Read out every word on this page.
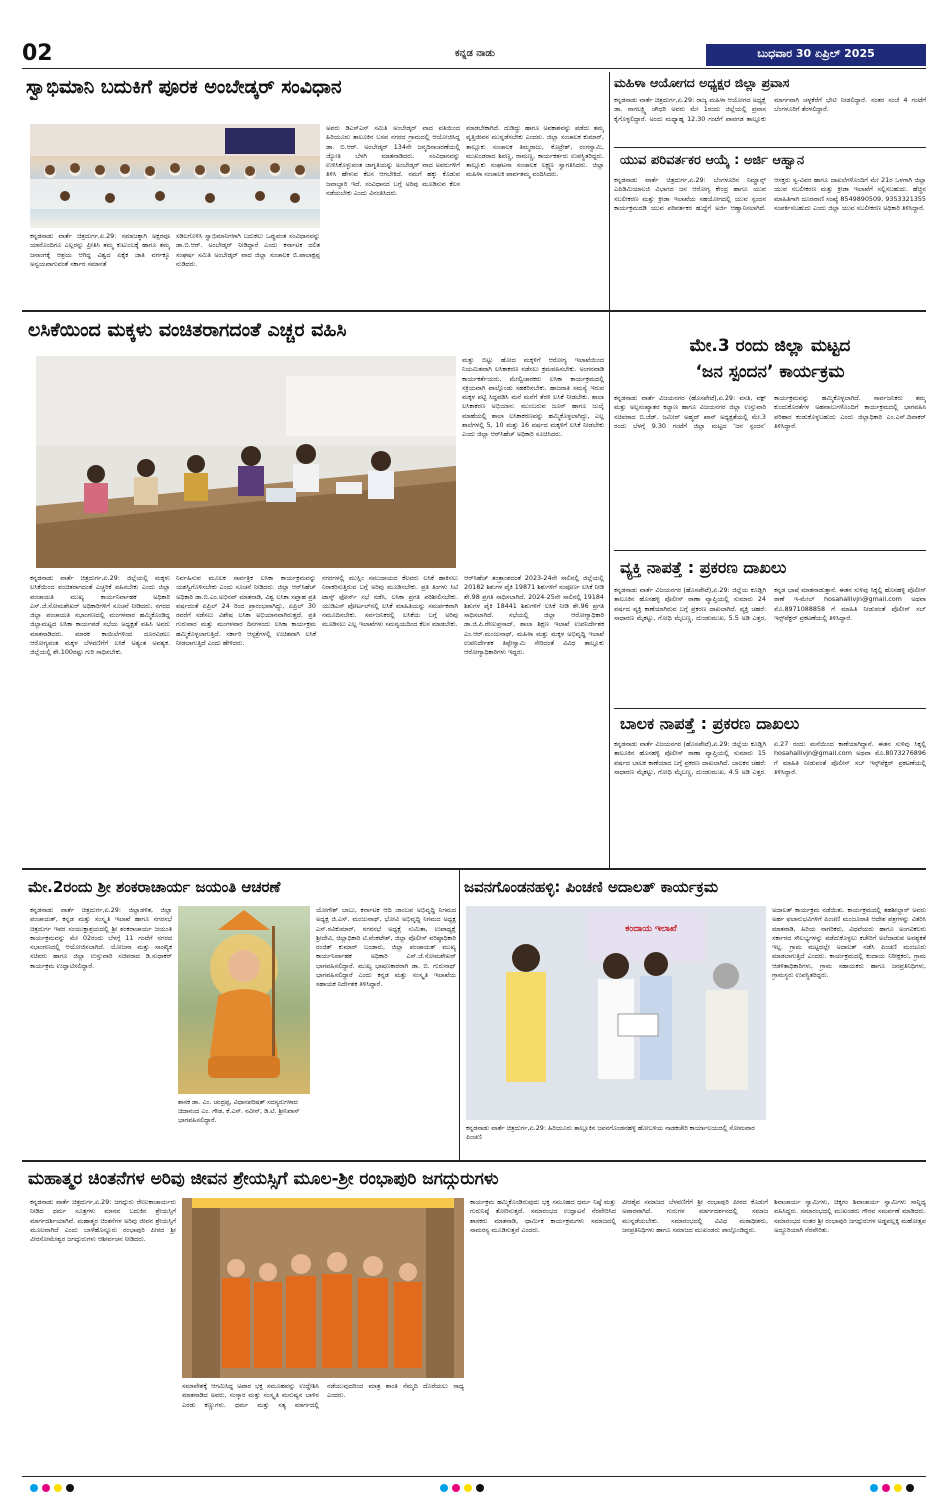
02	ಕನ್ನಡ ನಾಡು	ಬುಧವಾರ 30 ಏಪ್ರಿಲ್ 2025
ಸ್ವಾಭಿಮಾನಿ ಬದುಕಿಗೆ ಪೂರಕ ಅಂಬೇಡ್ಕರ್ ಸಂವಿಧಾನ
ಕನ್ನಡನಾಡು ವಾರ್ತೆ ಚಿತ್ರದುರ್ಗ,ಏ.29: ಸಮಾಜಕ್ಕಾಗಿ ಅಕ್ಷರವೂ ಯಾರೊಂದಿಗೂ ಎಲ್ಲರನ್ನು ಪ್ರೀತಿಸಿ ತಮ್ಮ ಕುಟುಂಬಕ್ಕೆ ಹಾಗೂ ತಮ್ಮ ಜನಾಂಗಕ್ಕೆ ಆಶ್ರಯ ಆಗಿದ್ದ ವಿಶ್ವದ ಏಕೈಕ ಜಾತಿ ವರ್ಗಕ್ಕೂ ಅನ್ವಯವಾಗುವಂತೆ ಸರ್ಕಾರ ಸಮಾನತೆ
ಸಡಿಲಗೊಳಿಸಿ ಸ್ವಾಭಿಮಾನಿಗಳಾಗಿ ಬದುಕಲು ಒಪ್ಪುವಂತ ಸಂವಿಧಾನವನ್ನು ಡಾ.ಬಿ.ಆರ್. ಅಂಬೇಡ್ಕರ್ ನೀಡಿದ್ದಾರೆ ಎಂದು ಕರ್ನಾಟಕ ದಲಿತ ಸಂಘರ್ಷ ಸಮಿತಿ ಅಂಬೇಡ್ಕರ್ ವಾದ ಜಿಲ್ಲಾ ಸಂಚಾಲಕ ಬಿ.ಪಾಲಾಕ್ಷಪ್ಪ ನುಡಿದರು.
ಅವರು ಡಿಎಸ್‌ಎಸ್ ಸಮಿತಿ ಅಂಬೇಡ್ಕರ್ ವಾದ ವತಿಯಿಂದ ಹಿರಿಯೂರು ತಾಲೂಕಿನ ಬಸವ ನಗರದ ಗ್ರಾಮದಲ್ಲಿ ಆಯೋಜಿಸಿದ್ದ ಡಾ. ಬಿ.ಆರ್. ಅಂಬೇಡ್ಕರ್ 134ನೇ ಜನ್ಮದಿನಾಚರಣೆಯಲ್ಲಿ ಜ್ಯೋತಿ ಬೆಳಗಿ ಮಾತನಾಡಿದರು. ಸಂವಿಧಾನವನ್ನು ಉಳಿಸಿಕೊಳ್ಳುವಂತ ಜಾಗೃತಿಯನ್ನು ಅಂಬೇಡ್ಕರ್ ವಾದ ಅವರುಗಳಿಗೆ ತಿಳಿಸಿ ಹೇಳುವ ಕೆಲಸ ಆಗಬೇಕಿದೆ. ನಮಗೆ ಹಕ್ಕು ಕೊಡುವ ಜವಾಬ್ದಾರಿ ಇದೆ. ಸಂವಿಧಾನದ ಬಗ್ಗೆ ಅರಿವು ಮೂಡಿಸುವ ಕೆಲಸ ನಡೆಯಬೇಕು ಎಂದು ವಿನಂತಿಸಿದರು.
ಮಾಡಬೇಕಾಗಿದೆ. ದುಡಿದ್ದು ಹಾಗೂ ಅವಕಾಶವನ್ನು ಪಡೆದು ತಮ್ಮ ವೃತ್ತಿಜೀವನ ಮುನ್ನಡೆಸಬೇಕು ಎಂದರು. ಜಿಲ್ಲಾ ಸಂಚಾಲಕ ಕುಮಾರ್, ತಾಲ್ಲೂಕು ಸಂಚಾಲಕ ತಿಮ್ಮರಾಜು, ಕೊಟ್ರೇಶ್, ರಂಗಸ್ವಾಮಿ, ಮುಖಂಡರಾದ ಶಿವಣ್ಣ, ರಾಮಣ್ಣ, ಕಾರ್ಯಕರ್ತರು ಉಪಸ್ಥಿತರಿದ್ದರು. ತಾಲ್ಲೂಕು ಸಂಘಟನಾ ಸಂಚಾಲಕ ಲಕ್ಷ್ಮಣ ಸ್ವಾಗತಿಸಿದರು. ಜಿಲ್ಲಾ ಮಹಿಳಾ ಸಂಚಾಲಕಿ ಪಾರ್ವತಮ್ಮ ವಂದಿಸಿದರು.
ಮಹಿಳಾ ಆಯೋಗದ ಅಧ್ಯಕ್ಷರ ಜಿಲ್ಲಾ ಪ್ರವಾಸ
ಕನ್ನಡನಾಡು ವಾರ್ತೆ ಚಿತ್ರದುರ್ಗ,ಏ.29: ರಾಜ್ಯ ಮಹಿಳಾ ಆಯೋಗದ ಅಧ್ಯಕ್ಷೆ ಡಾ. ನಾಗಲಕ್ಷ್ಮಿ ಚೌಧರಿ ಅವರು ಮೇ 1ರಂದು ಜಿಲ್ಲೆಯಲ್ಲಿ ಪ್ರವಾಸ ಕೈಗೊಳ್ಳಲಿದ್ದಾರೆ. ಅಂದು ಮಧ್ಯಾಹ್ನ 12.30 ಗಂಟೆಗೆ ಪಾವಗಡ ತಾಲ್ಲೂಕು ಮಾರ್ಗವಾಗಿ ಚಳ್ಳಕೆರೆಗೆ ಭೇಟಿ ನೀಡಲಿದ್ದಾರೆ. ನಂತರ ಸಂಜೆ 4 ಗಂಟೆಗೆ ಬೆಂಗಳೂರಿಗೆ ತೆರಳಲಿದ್ದಾರೆ.
ಯುವ ಪರಿವರ್ತಕರ ಆಯ್ಕೆ : ಅರ್ಜಿ ಆಹ್ವಾನ
ಕನ್ನಡನಾಡು ವಾರ್ತೆ ಚಿತ್ರದುರ್ಗ,ಏ.29: ಬೆಂಗಳೂರಿನ ನಿಮ್ಹಾನ್ಸ್ ಎಪಿಡಿಮಿಯಾಲಜಿ ವಿಭಾಗದ ಜನ ಆರೋಗ್ಯ ಕೇಂದ್ರ ಹಾಗೂ ಯುವ ಸಬಲೀಕರಣ ಮತ್ತು ಕ್ರೀಡಾ ಇಲಾಖೆಯ ಸಹಯೋಗದಲ್ಲಿ ಯುವ ಸ್ಪಂದನ ಕಾರ್ಯಕ್ರಮದಡಿ ಯುವ ಪರಿವರ್ತಕರ ಹುದ್ದೆಗೆ ಅರ್ಜಿ ಆಹ್ವಾನಿಸಲಾಗಿದೆ. ಆಸಕ್ತರು ಸ್ವ-ವಿವರ ಹಾಗೂ ದಾಖಲೆಗಳೊಂದಿಗೆ ಮೇ 21ರ ಒಳಗಾಗಿ ಜಿಲ್ಲಾ ಯುವ ಸಬಲೀಕರಣ ಮತ್ತು ಕ್ರೀಡಾ ಇಲಾಖೆಗೆ ಸಲ್ಲಿಸಬಹುದು. ಹೆಚ್ಚಿನ ಮಾಹಿತಿಗಾಗಿ ದೂರವಾಣಿ ಸಂಖ್ಯೆ 8549890509, 9353321355 ಸಂಪರ್ಕಿಸಬಹುದು ಎಂದು ಜಿಲ್ಲಾ ಯುವ ಸಬಲೀಕರಣ ಅಧಿಕಾರಿ ತಿಳಿಸಿದ್ದಾರೆ.
ಲಸಿಕೆಯಿಂದ ಮಕ್ಕಳು ವಂಚಿತರಾಗದಂತೆ ಎಚ್ಚರ ವಹಿಸಿ
ಮತ್ತು ಬಿಟ್ಟು ಹೋದ ಮಕ್ಕಳಿಗೆ ಆರೋಗ್ಯ ಇಲಾಖೆಯಿಂದ ನಿಯಮಿತವಾಗಿ ಲಸಿಕಾಕರಣ ನಡೆಸಲು ಕ್ರಮವಹಿಸಬೇಕು. ಅಂಗನವಾಡಿ ಕಾರ್ಯಕರ್ತೆಯರು, ಮೇಲ್ವಿಚಾರಕರು ಲಸಿಕಾ ಕಾರ್ಯಕ್ರಮದಲ್ಲಿ ಸಕ್ರಿಯವಾಗಿ ಪಾಲ್ಗೊಂಡು ಸಹಕರಿಸಬೇಕು. ಹಾಜರಾತಿ ಸಮಸ್ಯೆ ಇರುವ ಮಕ್ಕಳ ಪಟ್ಟಿ ಸಿದ್ಧಪಡಿಸಿ ಮನೆ ಮನೆಗೆ ತೆರಳಿ ಲಸಿಕೆ ನೀಡಬೇಕು. ಶಾಲಾ ಲಸಿಕಾಕರಣ ಅಭಿಯಾನ: ಮುಂಬರುವ ಜೂನ್ ಹಾಗೂ ಜುಲೈ ಮಾಹೆಯಲ್ಲಿ ಶಾಲಾ ಲಸಿಕಾಕರಣವನ್ನು ಹಮ್ಮಿಕೊಳ್ಳಲಾಗಿದ್ದು, ಎಲ್ಲ ಶಾಲೆಗಳಲ್ಲಿ 5, 10 ಮತ್ತು 16 ವರ್ಷದ ಮಕ್ಕಳಿಗೆ ಲಸಿಕೆ ನೀಡಬೇಕು ಎಂದು ಜಿಲ್ಲಾ ಆರ್‌ಸಿಹೆಚ್ ಅಧಿಕಾರಿ ಸೂಚಿಸಿದರು.
ಕನ್ನಡನಾಡು ವಾರ್ತೆ ಚಿತ್ರದುರ್ಗ,ಏ.29: ಜಿಲ್ಲೆಯಲ್ಲಿ ಮಕ್ಕಳು ಲಸಿಕೆಯಿಂದ ವಂಚಿತರಾಗದಂತೆ ಎಚ್ಚರಿಕೆ ವಹಿಸಬೇಕು ಎಂದು ಜಿಲ್ಲಾ ಪಂಚಾಯತಿ ಮುಖ್ಯ ಕಾರ್ಯನಿರ್ವಾಹಕ ಅಧಿಕಾರಿ ಎಸ್.ಜೆ.ಸೋಮಶೇಖರ್ ಅಧಿಕಾರಿಗಳಿಗೆ ಸೂಚನೆ ನೀಡಿದರು. ನಗರದ ಜಿಲ್ಲಾ ಪಂಚಾಯತಿ ಸಭಾಂಗಣದಲ್ಲಿ ಮಂಗಳವಾರ ಹಮ್ಮಿಕೊಂಡಿದ್ದ ಜಿಲ್ಲಾಮಟ್ಟದ ಲಸಿಕಾ ಕಾರ್ಯಪಡೆ ಸಭೆಯ ಅಧ್ಯಕ್ಷತೆ ವಹಿಸಿ ಅವರು ಮಾತನಾಡಿದರು. ಮಾರಕ ಕಾಯಿಲೆಗಳಿಂದ ದೂರವಿಡಲು ಆರೋಗ್ಯವಂತ ಮಕ್ಕಳ ಬೆಳವಣಿಗೆಗೆ ಲಸಿಕೆ ಅತ್ಯಂತ ಅವಶ್ಯಕ. ಜಿಲ್ಲೆಯಲ್ಲಿ ಶೇ.100ರಷ್ಟು ಗುರಿ ಸಾಧಿಸಬೇಕು.
ನಿರ್ವಹಿಸುವ ಮೂಲಕ ಸಾರ್ವತ್ರಿಕ ಲಸಿಕಾ ಕಾರ್ಯಕ್ರಮವನ್ನು ಯಶಸ್ವಿಗೊಳಿಸಬೇಕು ಎಂದು ಸೂಚನೆ ನೀಡಿದರು. ಜಿಲ್ಲಾ ಆರ್‌ಸಿಹೆಚ್ ಅಧಿಕಾರಿ ಡಾ.ಬಿ.ಎಂ.ಅಭಿನವ್ ಮಾತನಾಡಿ, ವಿಶ್ವ ಲಸಿಕಾ ಸಪ್ತಾಹ ಪ್ರತಿ ವರ್ಷದಂತೆ ಏಪ್ರಿಲ್ 24 ರಿಂದ ಪ್ರಾರಂಭವಾಗಿದ್ದು, ಏಪ್ರಿಲ್ 30 ರವರೆಗೆ ನಡೆಸಲು ವಿಶೇಷ ಲಸಿಕಾ ಅಭಿಯಾನವಾಗಿರುತ್ತದೆ. ಪ್ರತಿ ಗುರುವಾರ ಮತ್ತು ಮಂಗಳವಾರ ದಿನಗಳಂದು ಲಸಿಕಾ ಕಾರ್ಯಕ್ರಮ ಹಮ್ಮಿಕೊಳ್ಳಲಾಗುತ್ತಿದೆ. ಸರ್ಕಾರಿ ಆಸ್ಪತ್ರೆಗಳಲ್ಲಿ ಉಚಿತವಾಗಿ ಲಸಿಕೆ ನೀಡಲಾಗುತ್ತಿದೆ ಎಂದು ಹೇಳಿದರು.
ನಗರಗಳಲ್ಲಿ ಮುಸ್ಲಿಂ ಸಮುದಾಯದ ಕೆಲವರು ಲಸಿಕೆ ಹಾಕಿಸಲು ನಿರಾಕರಿಸುತ್ತಿರುವ ಬಗ್ಗೆ ಅರಿವು ಮೂಡಿಸಬೇಕು. ಪ್ರತಿ ತಿಂಗಳು ಸಿಟಿ ಟಾಸ್ಕ್ ಫೋರ್ಸ್ ಸಭೆ ನಡೆಸಿ, ಲಸಿಕಾ ಪ್ರಗತಿ ಪರಿಶೀಲಿಸಬೇಕು. ಯುಡಿಎನ್ ಪೋರ್ಟಲ್‌ನಲ್ಲಿ ಲಸಿಕೆ ಮಾಹಿತಿಯನ್ನು ಸಮರ್ಪಕವಾಗಿ ನಮೂದಿಸಬೇಕು. ಸರ್ವಜನಿಕರಲ್ಲಿ ಲಸಿಕೆಯ ಬಗ್ಗೆ ಅರಿವು ಮೂಡಿಸಲು ಎಲ್ಲ ಇಲಾಖೆಗಳು ಸಮನ್ವಯದಿಂದ ಕೆಲಸ ಮಾಡಬೇಕು.
ಆರ್‌ಸಿಹೆಚ್ ತಂತ್ರಾಂಶದಂತೆ 2023-24ನೇ ಸಾಲಿನಲ್ಲಿ ಜಿಲ್ಲೆಯಲ್ಲಿ 20182 ಶಿಶುಗಳ ಪೈಕಿ 19871 ಶಿಶುಗಳಿಗೆ ಸಂಪೂರ್ಣ ಲಸಿಕೆ ನೀಡಿ ಶೇ.98 ಪ್ರಗತಿ ಸಾಧಿಸಲಾಗಿದೆ. 2024-25ನೇ ಸಾಲಿನಲ್ಲಿ 19184 ಶಿಶುಗಳ ಪೈಕಿ 18441 ಶಿಶುಗಳಿಗೆ ಲಸಿಕೆ ನೀಡಿ ಶೇ.96 ಪ್ರಗತಿ ಸಾಧಿಸಲಾಗಿದೆ. ಸಭೆಯಲ್ಲಿ ಜಿಲ್ಲಾ ಆರೋಗ್ಯಾಧಿಕಾರಿ ಡಾ.ಜಿ.ಪಿ.ರೇಣುಪ್ರಸಾದ್, ಶಾಲಾ ಶಿಕ್ಷಣ ಇಲಾಖೆ ಉಪನಿರ್ದೇಶಕ ಎಂ.ಆರ್.ಮಂಜುನಾಥ್, ಮಹಿಳಾ ಮತ್ತು ಮಕ್ಕಳ ಅಭಿವೃದ್ಧಿ ಇಲಾಖೆ ಉಪನಿರ್ದೇಶಕ ತಿಪ್ಪೇಸ್ವಾಮಿ ಸೇರಿದಂತೆ ವಿವಿಧ ತಾಲ್ಲೂಕು ಆರೋಗ್ಯಾಧಿಕಾರಿಗಳು ಇದ್ದರು.
ಮೇ.3 ರಂದು ಜಿಲ್ಲಾ ಮಟ್ಟದ
‘ಜನ ಸ್ಪಂದನ’ ಕಾರ್ಯಕ್ರಮ
ಕನ್ನಡನಾಡು ವಾರ್ತೆ ವಿಜಯನಗರ (ಹೊಸಪೇಟೆ),ಏ.29: ವಸತಿ, ವಕ್ಫ್ ಮತ್ತು ಅಲ್ಪಸಂಖ್ಯಾತರ ಕಲ್ಯಾಣ ಹಾಗೂ ವಿಜಯನಗರ ಜಿಲ್ಲಾ ಉಸ್ತುವಾರಿ ಸಚಿವರಾದ ಬಿ.ಜೆಡ್. ಜಮೀರ್ ಅಹ್ಮದ್ ಖಾನ್ ಅಧ್ಯಕ್ಷತೆಯಲ್ಲಿ ಮೇ.3 ರಂದು ಬೆಳಗ್ಗೆ 9.30 ಗಂಟೆಗೆ ಜಿಲ್ಲಾ ಮಟ್ಟದ ‘ಜನ ಸ್ಪಂದನ’ ಕಾರ್ಯಕ್ರಮವನ್ನು ಹಮ್ಮಿಕೊಳ್ಳಲಾಗಿದೆ. ಸಾರ್ವಜನಿಕರು ತಮ್ಮ ಕುಂದುಕೊರತೆಗಳ ಅಹವಾಲುಗಳೊಂದಿಗೆ ಕಾರ್ಯಕ್ರಮದಲ್ಲಿ ಭಾಗವಹಿಸಿ ಪರಿಹಾರ ಕಂಡುಕೊಳ್ಳಬಹುದು ಎಂದು ಜಿಲ್ಲಾಧಿಕಾರಿ ಎಂ.ಎಸ್.ದಿವಾಕರ್ ತಿಳಿಸಿದ್ದಾರೆ.
ವ್ಯಕ್ತಿ ನಾಪತ್ತೆ : ಪ್ರಕರಣ ದಾಖಲು
ಕನ್ನಡನಾಡು ವಾರ್ತೆ ವಿಜಯನಗರ (ಹೊಸಪೇಟೆ),ಏ.29: ಜಿಲ್ಲೆಯ ಕೂಡ್ಲಿಗಿ ತಾಲೂಕಿನ ಹೊಸಹಳ್ಳಿ ಪೊಲೀಸ್ ಠಾಣಾ ವ್ಯಾಪ್ತಿಯಲ್ಲಿ ಸುಮಾರು 24 ವರ್ಷದ ವ್ಯಕ್ತಿ ಕಾಣೆಯಾಗಿರುವ ಬಗ್ಗೆ ಪ್ರಕರಣ ದಾಖಲಾಗಿದೆ. ವ್ಯಕ್ತಿ ಚಹರೆ: ಸಾಧಾರಣ ಮೈಕಟ್ಟು, ಗೋಧಿ ಮೈಬಣ್ಣ, ದುಂಡುಮುಖ, 5.5 ಅಡಿ ಎತ್ತರ, ಕನ್ನಡ ಭಾಷೆ ಮಾತನಾಡುತ್ತಾನೆ. ಈತನ ಸುಳಿವು ಸಿಕ್ಕಲ್ಲಿ ಹೊಸಹಳ್ಳಿ ಪೊಲೀಸ್ ಠಾಣೆ ಇ-ಮೇಲ್ hosahallivjn@gmail.com ಅಥವಾ ಮೊ.8971088858 ಗೆ ಮಾಹಿತಿ ನೀಡುವಂತೆ ಪೊಲೀಸ್ ಸಬ್ ಇನ್ಸ್‌ಪೆಕ್ಟರ್ ಪ್ರಕಟಣೆಯಲ್ಲಿ ತಿಳಿಸಿದ್ದಾರೆ.
ಬಾಲಕ ನಾಪತ್ತೆ : ಪ್ರಕರಣ ದಾಖಲು
ಕನ್ನಡನಾಡು ವಾರ್ತೆ ವಿಜಯನಗರ (ಹೊಸಪೇಟೆ),ಏ.29: ಜಿಲ್ಲೆಯ ಕೂಡ್ಲಿಗಿ ತಾಲೂಕಿನ ಹೊಸಹಳ್ಳಿ ಪೊಲೀಸ್ ಠಾಣಾ ವ್ಯಾಪ್ತಿಯಲ್ಲಿ ಸುಮಾರು 15 ವರ್ಷದ ಬಾಲಕ ಕಾಣೆಯಾದ ಬಗ್ಗೆ ಪ್ರಕರಣ ದಾಖಲಾಗಿದೆ. ಬಾಲಕನ ಚಹರೆ: ಸಾಧಾರಣ ಮೈಕಟ್ಟು, ಗೋಧಿ ಮೈಬಣ್ಣ, ದುಂಡುಮುಖ, 4.5 ಅಡಿ ಎತ್ತರ. ಏ.27 ರಂದು ಮನೆಯಿಂದ ಕಾಣೆಯಾಗಿದ್ದಾನೆ. ಈತನ ಸುಳಿವು ಸಿಕ್ಕಲ್ಲಿ hosahallivjn@gmail.com ಅಥವಾ ಮೊ.8073276896 ಗೆ ಮಾಹಿತಿ ನೀಡುವಂತೆ ಪೊಲೀಸ್ ಸಬ್ ಇನ್ಸ್‌ಪೆಕ್ಟರ್ ಪ್ರಕಟಣೆಯಲ್ಲಿ ತಿಳಿಸಿದ್ದಾರೆ.
ಮೇ.2ರಂದು ಶ್ರೀ ಶಂಕರಾಚಾರ್ಯ ಜಯಂತಿ ಆಚರಣೆ
ಕನ್ನಡನಾಡು ವಾರ್ತೆ ಚಿತ್ರದುರ್ಗ,ಏ.29: ಜಿಲ್ಲಾಡಳಿತ, ಜಿಲ್ಲಾ ಪಂಚಾಯತ್, ಕನ್ನಡ ಮತ್ತು ಸಂಸ್ಕೃತಿ ಇಲಾಖೆ ಹಾಗೂ ನಗರಸಭೆ ಚಿತ್ರದುರ್ಗ ಇವರ ಸಂಯುಕ್ತಾಶ್ರಯದಲ್ಲಿ ಶ್ರೀ ಶಂಕರಾಚಾರ್ಯ ಜಯಂತಿ ಕಾರ್ಯಕ್ರಮವನ್ನು ಮೇ 02ರಂದು ಬೆಳಗ್ಗೆ 11 ಗಂಟೆಗೆ ನಗರದ ಸಭಾಂಗಣದಲ್ಲಿ ಆಯೋಜಿಸಲಾಗಿದೆ. ಯೋಜನಾ ಮತ್ತು ಸಾಂಖ್ಯಿಕ ಸಚಿವರು ಹಾಗೂ ಜಿಲ್ಲಾ ಉಸ್ತುವಾರಿ ಸಚಿವರಾದ ಡಿ.ಸುಧಾಕರ್ ಕಾರ್ಯಕ್ರಮ ಉದ್ಘಾಟಿಸಲಿದ್ದಾರೆ.
ಶಾಸಕ ಡಾ. ಎಂ. ಚಂದ್ರಪ್ಪ, ವಿಧಾನಪರಿಷತ್ ಸದಸ್ಯರುಗಳಾದ ಚಿದಾನಂದ ಎಂ. ಗೌಡ, ಕೆ.ಎಸ್. ನವೀನ್, ಡಿ.ಟಿ. ಶ್ರೀನಿವಾಸ್ ಭಾಗವಹಿಸಲಿದ್ದಾರೆ.
ಯೋಗೇಶ್ ಬಾಬು, ಕರ್ನಾಟಕ ಆದಿ ಜಾಂಬವ ಅಭಿವೃದ್ಧಿ ನಿಗಮದ ಅಧ್ಯಕ್ಷ ಜಿ.ಎಸ್. ಮಂಜುನಾಥ್, ಭೋವಿ ಅಭಿವೃದ್ಧಿ ನಿಗಮದ ಅಧ್ಯಕ್ಷ ಎಸ್.ರವಿಕುಮಾರ್, ನಗರಸಭೆ ಅಧ್ಯಕ್ಷೆ ಸುಮಿತಾ, ಉಪಾಧ್ಯಕ್ಷೆ ಶ್ರೀದೇವಿ, ಜಿಲ್ಲಾಧಿಕಾರಿ ಟಿ.ವೆಂಕಟೇಶ್, ಜಿಲ್ಲಾ ಪೊಲೀಸ್ ವರಿಷ್ಠಾಧಿಕಾರಿ ರಂಜಿತ್ ಕುಮಾರ್ ಬಂಡಾರು, ಜಿಲ್ಲಾ ಪಂಚಾಯತ್ ಮುಖ್ಯ ಕಾರ್ಯನಿರ್ವಾಹಕ ಅಧಿಕಾರಿ ಎಸ್.ಜೆ.ಸೋಮಶೇಖರ್ ಭಾಗವಹಿಸಲಿದ್ದಾರೆ. ಮುಖ್ಯ ಭಾಷಣಕಾರರಾಗಿ ಡಾ. ಬಿ. ಗುರುನಾಥ್ ಭಾಗವಹಿಸಲಿದ್ದಾರೆ ಎಂದು ಕನ್ನಡ ಮತ್ತು ಸಂಸ್ಕೃತಿ ಇಲಾಖೆಯ ಸಹಾಯಕ ನಿರ್ದೇಶಕ ತಿಳಿಸಿದ್ದಾರೆ.
ಜವನಗೊಂಡನಹಳ್ಳಿ: ಪಿಂಚಣಿ ಅದಾಲತ್ ಕಾರ್ಯಕ್ರಮ
ಕಂದಾಯ ಇಲಾಖೆ
ಕನ್ನಡನಾಡು ವಾರ್ತೆ ಚಿತ್ರದುರ್ಗ,ಏ.29: ಹಿರಿಯೂರು ತಾಲ್ಲೂಕಿನ ಜವನಗೊಂಡನಹಳ್ಳಿ ಹೋಬಳಿಯ ನಾಡಕಚೇರಿ ಕಾರ್ಯಾಲಯದಲ್ಲಿ ಸೋಮವಾರ ಪಿಂಚಣಿ
ಅದಾಲತ್ ಕಾರ್ಯಕ್ರಮ ನಡೆಯಿತು. ಕಾರ್ಯಕ್ರಮದಲ್ಲಿ ತಹಶೀಲ್ದಾರ್ ಅವರು ಅರ್ಹ ಫಲಾನುಭವಿಗಳಿಗೆ ಪಿಂಚಣಿ ಮಂಜೂರಾತಿ ಆದೇಶ ಪತ್ರಗಳನ್ನು ವಿತರಿಸಿ ಮಾತನಾಡಿ, ಹಿರಿಯ ನಾಗರಿಕರು, ವಿಧವೆಯರು ಹಾಗೂ ಅಂಗವಿಕಲರು ಸರ್ಕಾರದ ಸೌಲಭ್ಯಗಳನ್ನು ಪಡೆದುಕೊಳ್ಳಲು ಕಚೇರಿಗೆ ಅಲೆದಾಡುವ ಅವಶ್ಯಕತೆ ಇಲ್ಲ. ಗ್ರಾಮ ಮಟ್ಟದಲ್ಲೇ ಅದಾಲತ್ ನಡೆಸಿ ಪಿಂಚಣಿ ಮಂಜೂರು ಮಾಡಲಾಗುತ್ತಿದೆ ಎಂದರು. ಕಾರ್ಯಕ್ರಮದಲ್ಲಿ ಕಂದಾಯ ನಿರೀಕ್ಷಕರು, ಗ್ರಾಮ ಆಡಳಿತಾಧಿಕಾರಿಗಳು, ಗ್ರಾಮ ಸಹಾಯಕರು ಹಾಗೂ ಜನಪ್ರತಿನಿಧಿಗಳು, ಗ್ರಾಮಸ್ಥರು ಉಪಸ್ಥಿತರಿದ್ದರು.
ಮಹಾತ್ಮರ ಚಿಂತನೆಗಳ ಅರಿವು ಜೀವನ ಶ್ರೇಯಸ್ಸಿಗೆ ಮೂಲ-ಶ್ರೀ ರಂಭಾಪುರಿ ಜಗದ್ಗುರುಗಳು
ಕನ್ನಡನಾಡು ವಾರ್ತೆ ಚಿತ್ರದುರ್ಗ,ಏ.29: ಜಗದ್ಗುರು ರೇಣುಕಾಚಾರ್ಯರು ನೀಡಿದ ಧರ್ಮ ಸೂತ್ರಗಳು ಮಾನವ ಬದುಕಿನ ಶ್ರೇಯಸ್ಸಿಗೆ ಮಾರ್ಗದರ್ಶಿಯಾಗಿವೆ. ಮಹಾತ್ಮರ ಚಿಂತನೆಗಳ ಅರಿವು ಜೀವನ ಶ್ರೇಯಸ್ಸಿಗೆ ಮೂಲವಾಗಿದೆ ಎಂದು ಬಾಳೆಹೊನ್ನೂರು ರಂಭಾಪುರಿ ಪೀಠದ ಶ್ರೀ ವೀರಸೋಮೇಶ್ವರ ಜಗದ್ಗುರುಗಳು ಆಶೀರ್ವಚನ ನೀಡಿದರು.
ಸಮಾವೇಶಕ್ಕೆ ಆಗಮಿಸಿದ್ದ ಅಪಾರ ಭಕ್ತ ಸಮೂಹವನ್ನು ಉದ್ದೇಶಿಸಿ ಮಾತನಾಡಿದ ಅವರು, ಸಂಸ್ಕಾರ ಮತ್ತು ಸಂಸ್ಕೃತಿ ಮನುಷ್ಯನ ಬಾಳಿನ ಎರಡು ಕಣ್ಣುಗಳು. ಧರ್ಮ ಮತ್ತು ಸತ್ಯ ಮಾರ್ಗದಲ್ಲಿ ನಡೆಯುವುದರಿಂದ ಮಾತ್ರ ಶಾಂತಿ ನೆಮ್ಮದಿ ದೊರೆಯಲು ಸಾಧ್ಯ ಎಂದರು.
ಕಾರ್ಯಕ್ರಮ ಹಮ್ಮಿಕೊಂಡಿರುವುದು ಭಕ್ತ ಸಮೂಹದ ಧರ್ಮ ನಿಷ್ಠೆ ಮತ್ತು ಗುರುನಿಷ್ಠೆ ತೋರಿಸುತ್ತದೆ. ಸಮಾರಂಭದ ಉದ್ಘಾಟನೆ ನೆರವೇರಿಸಿದ ಶಾಸಕರು ಮಾತನಾಡಿ, ಧಾರ್ಮಿಕ ಕಾರ್ಯಕ್ರಮಗಳು ಸಮಾಜದಲ್ಲಿ ಸಾಮರಸ್ಯ ಮೂಡಿಸುತ್ತವೆ ಎಂದರು.
ವೀರಶೈವ ಸಮಾಜದ ಬೆಳವಣಿಗೆಗೆ ಶ್ರೀ ರಂಭಾಪುರಿ ಪೀಠದ ಕೊಡುಗೆ ಅಪಾರವಾಗಿದೆ. ಗುರುಗಳ ಮಾರ್ಗದರ್ಶನದಲ್ಲಿ ಸಮಾಜ ಮುನ್ನಡೆಯಬೇಕು. ಸಮಾರಂಭದಲ್ಲಿ ವಿವಿಧ ಮಠಾಧೀಶರು, ಜನಪ್ರತಿನಿಧಿಗಳು ಹಾಗೂ ಸಮಾಜದ ಮುಖಂಡರು ಪಾಲ್ಗೊಂಡಿದ್ದರು.
ಶಿವಾಚಾರ್ಯ ಸ್ವಾಮಿಗಳು, ಚಿಕ್ಕಗಂ ಶಿವಾಚಾರ್ಯ ಸ್ವಾಮಿಗಳು ಸಾನ್ನಿಧ್ಯ ವಹಿಸಿದ್ದರು. ಸಮಾರಂಭದಲ್ಲಿ ಮುಖಂಡರು ಗೌರವ ಸಮರ್ಪಣೆ ಮಾಡಿದರು. ಸಮಾರಂಭದ ನಂತರ ಶ್ರೀ ರಂಭಾಪುರಿ ಜಗದ್ಗುರುಗಳ ಅಡ್ಡಪಲ್ಲಕ್ಕಿ ಮಹೋತ್ಸವ ಅದ್ದೂರಿಯಾಗಿ ನೆರವೇರಿತು.
